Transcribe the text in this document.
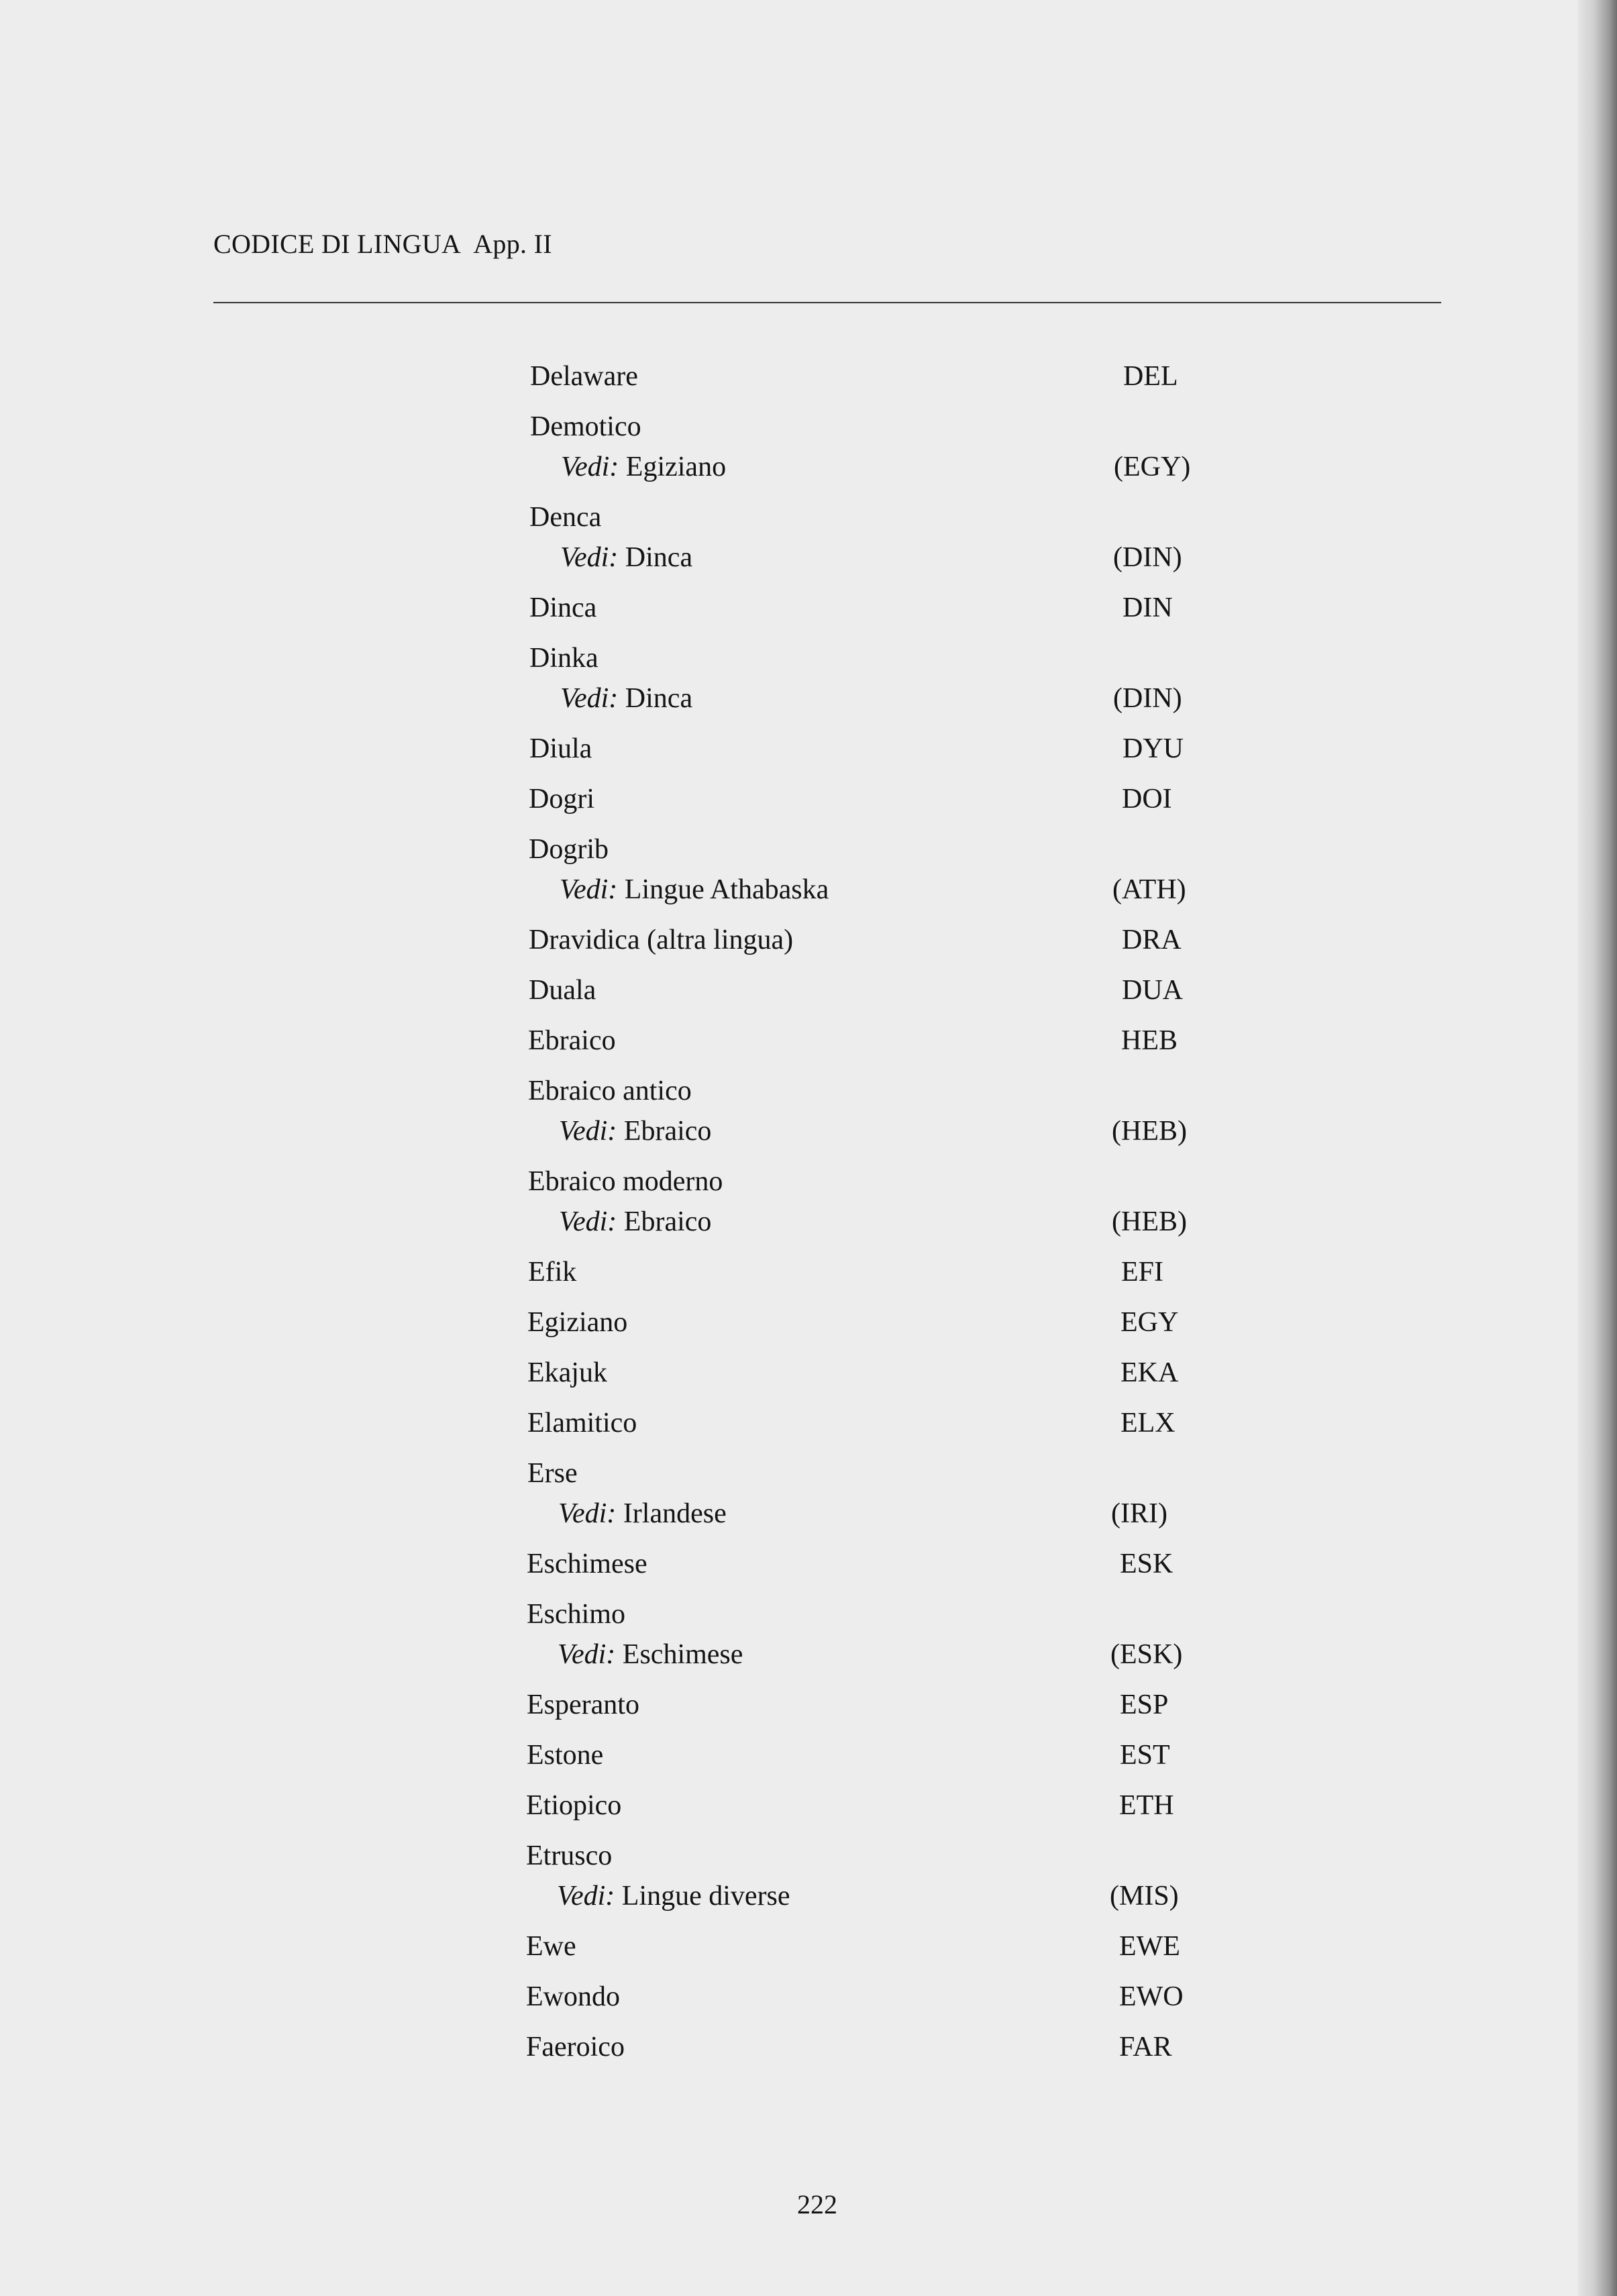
CODICE DI LINGUA App. II
Delaware	DEL
Demotico
Vedi: Egiziano	(EGY)
Denca
Vedi: Dinca	(DIN)
Dinca	DIN
Dinka
Vedi: Dinca	(DIN)
Diula	DYU
Dogri	DOI
Dogrib
Vedi: Lingue Athabaska	(ATH)
Dravidica (altra lingua)	DRA
Duala	DUA
Ebraico	HEB
Ebraico antico
Vedi: Ebraico	(HEB)
Ebraico moderno
Vedi: Ebraico	(HEB)
Efik	EFI
Egiziano	EGY
Ekajuk	EKA
Elamitico	ELX
Erse
Vedi: Irlandese	(IRI)
Eschimese	ESK
Eschimo
Vedi: Eschimese	(ESK)
Esperanto	ESP
Estone	EST
Etiopico	ETH
Etrusco
Vedi: Lingue diverse	(MIS)
Ewe	EWE
Ewondo	EWO
Faeroico	FAR
222
